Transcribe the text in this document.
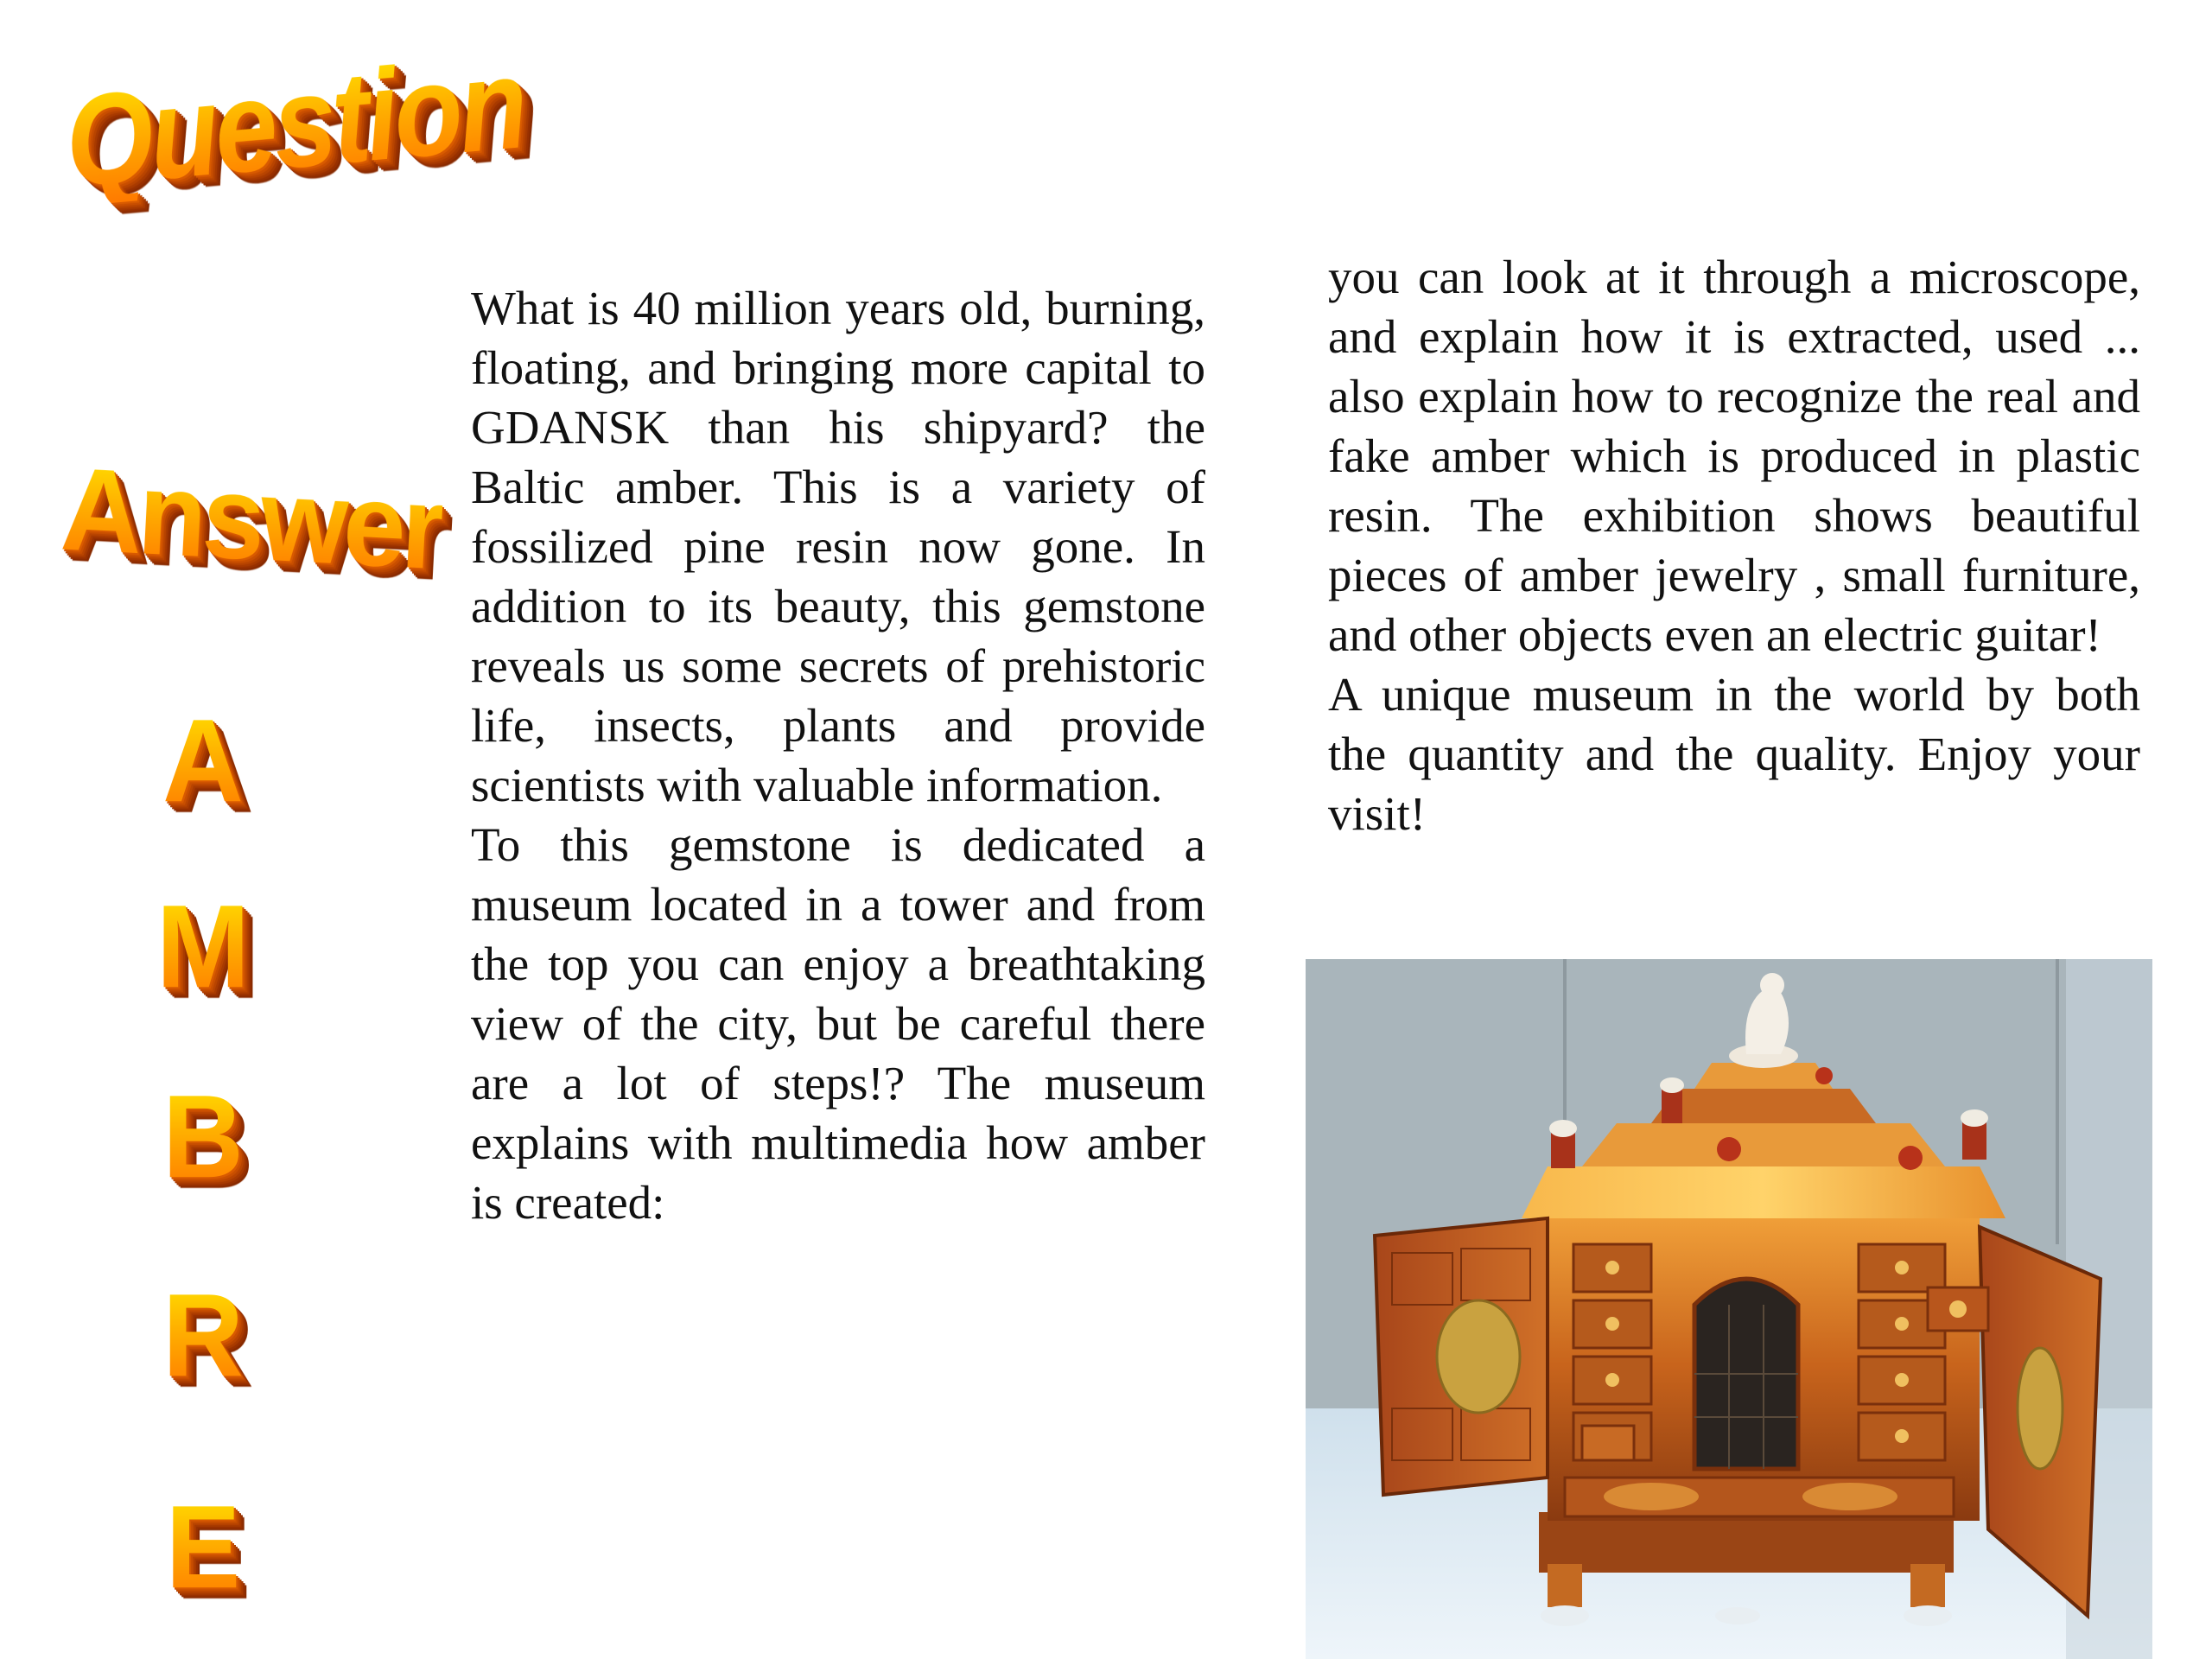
Question
Answer
A
M
B
R
E

What is 40 million years old, burning, floating, and bringing more capital to GDANSK than his shipyard? the Baltic amber. This is a variety of fossilized pine resin now gone. In addition to its beauty, this gemstone reveals us some secrets of prehistoric life, insects, plants and provide scientists with valuable information.

To this gemstone is dedicated a museum located in a tower and from the top you can enjoy a breathtaking view of the city, but be careful there are a lot of steps!? The museum explains with multimedia how amber is created:

you can look at it through a microscope, and explain how it is extracted, used ... also explain how to recognize the real and fake amber which is produced in plastic resin. The exhibition shows beautiful pieces of amber jewelry , small furniture, and other objects even an electric guitar!

A unique museum in the world by both the quantity and the quality. Enjoy your visit!
